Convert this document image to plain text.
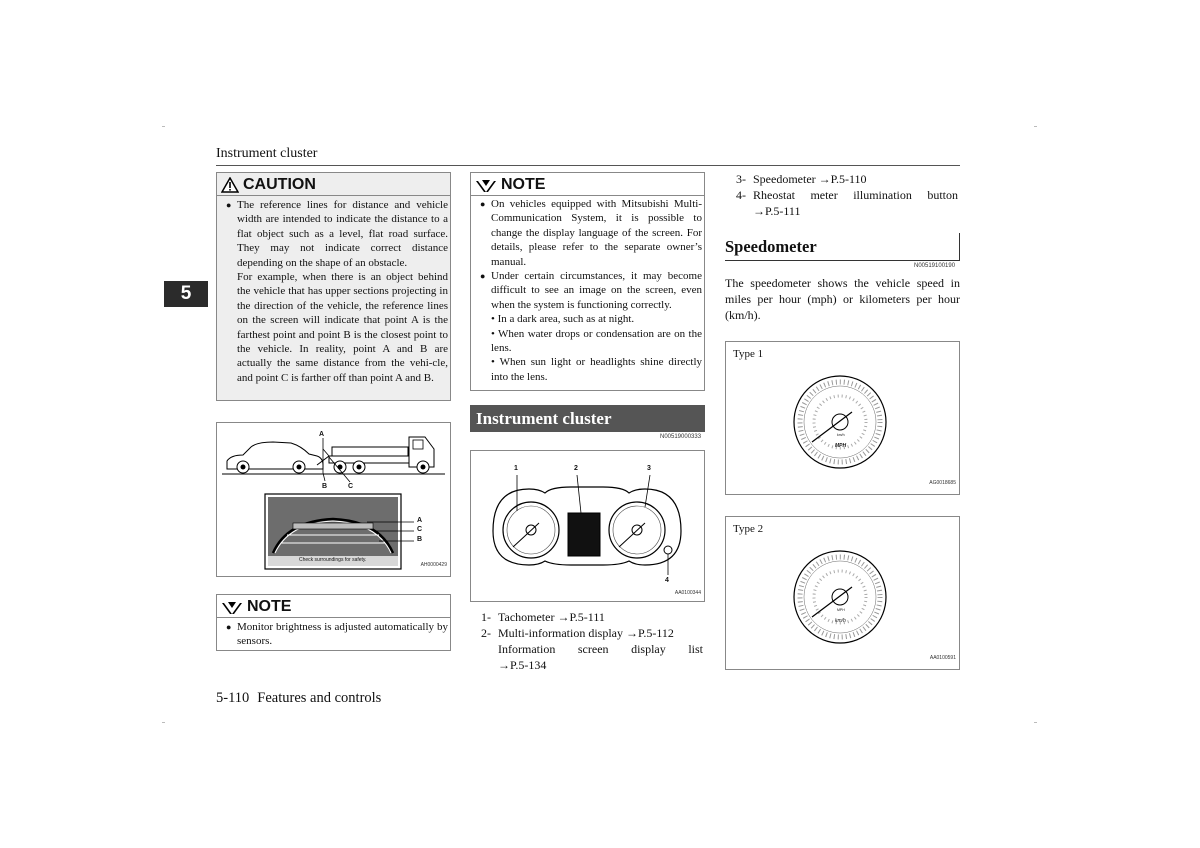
Instrument cluster
5
CAUTION
● The reference lines for distance and vehicle width are intended to indicate the distance to a flat object such as a level, flat road surface. They may not indicate correct distance depending on the shape of an obstacle.
For example, when there is an object behind the vehicle that has upper sections projecting in the direction of the vehicle, the reference lines on the screen will indicate that point A is the farthest point and point B is the closest point to the vehicle. In reality, point A and B are actually the same distance from the vehi-cle, and point C is farther off than point A and B.
A
B	C
A
C
B
Check surroundings for safety.
AH0000429
NOTE
● Monitor brightness is adjusted automatically by sensors.
NOTE
● On vehicles equipped with Mitsubishi Multi-Communication System, it is possible to change the display language of the screen. For details, please refer to the separate owner’s manual.
● Under certain circumstances, it may become difficult to see an image on the screen, even when the system is functioning correctly.
• In a dark area, such as at night.
• When water drops or condensation are on the lens.
• When sun light or headlights shine directly into the lens.
Instrument cluster
N00519000333
1	2	3
4
AA0100344
1- Tachometer →P.5-111
2- Multi-information display →P.5-112
Information screen display list
→P.5-134
3- Speedometer →P.5-110
4- Rheostat meter illumination button
→P.5-111
Speedometer
N00519100190
The speedometer shows the vehicle speed in miles per hour (mph) or kilometers per hour (km/h).
Type 1
km/h
MPH
AG0018685
Type 2
MPH
km/h
AA0100591
5-110 Features and controls
